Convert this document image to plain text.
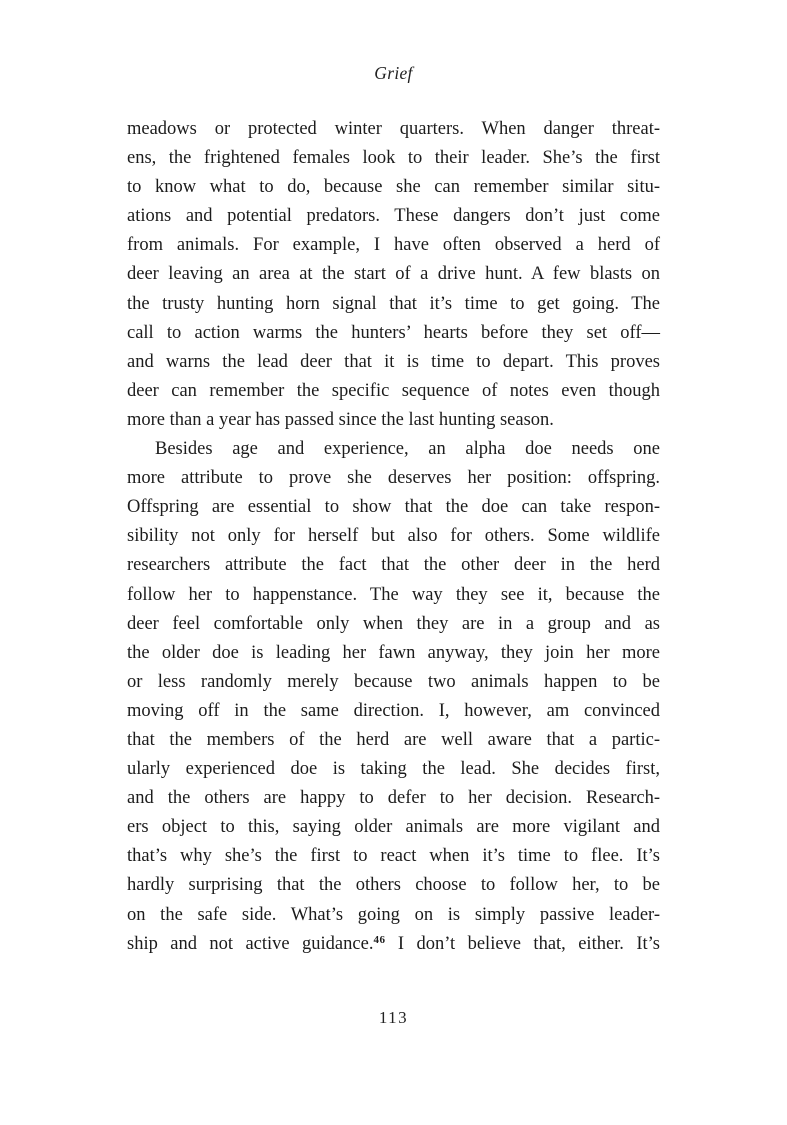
Grief
meadows or protected winter quarters. When danger threat-
ens, the frightened females look to their leader. She’s the first
to know what to do, because she can remember similar situ-
ations and potential predators. These dangers don’t just come
from animals. For example, I have often observed a herd of
deer leaving an area at the start of a drive hunt. A few blasts on
the trusty hunting horn signal that it’s time to get going. The
call to action warms the hunters’ hearts before they set off—
and warns the lead deer that it is time to depart. This proves
deer can remember the specific sequence of notes even though
more than a year has passed since the last hunting season.
Besides age and experience, an alpha doe needs one
more attribute to prove she deserves her position: offspring.
Offspring are essential to show that the doe can take respon-
sibility not only for herself but also for others. Some wildlife
researchers attribute the fact that the other deer in the herd
follow her to happenstance. The way they see it, because the
deer feel comfortable only when they are in a group and as
the older doe is leading her fawn anyway, they join her more
or less randomly merely because two animals happen to be
moving off in the same direction. I, however, am convinced
that the members of the herd are well aware that a partic-
ularly experienced doe is taking the lead. She decides first,
and the others are happy to defer to her decision. Research-
ers object to this, saying older animals are more vigilant and
that’s why she’s the first to react when it’s time to flee. It’s
hardly surprising that the others choose to follow her, to be
on the safe side. What’s going on is simply passive leader-
ship and not active guidance.$^{46}$ I don’t believe that, either. It’s
113
